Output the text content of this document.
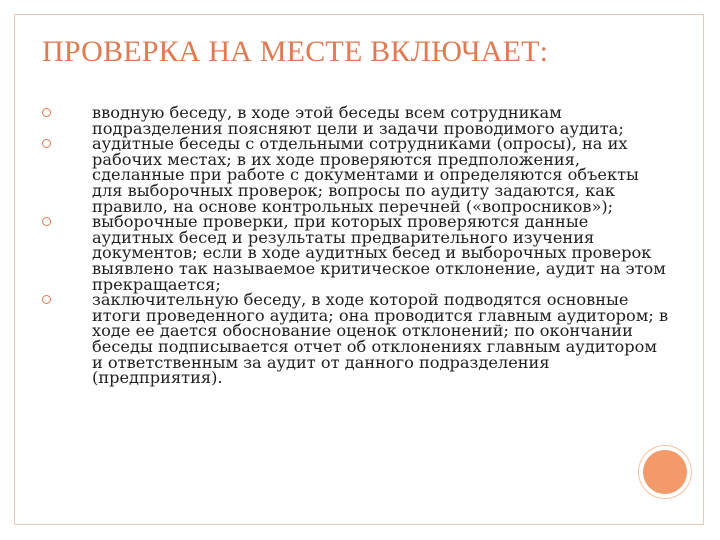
ПРОВЕРКА НА МЕСТЕ ВКЛЮЧАЕТ:
вводную беседу, в ходе этой беседы всем сотрудникам подразделения поясняют цели и задачи проводимого аудита;
аудитные беседы с отдельными сотрудниками (опросы), на их рабочих местах; в их ходе проверяются предположения, сделанные при работе с документами и определяются объекты для выборочных проверок; вопросы по аудиту задаются, как правило, на основе контрольных перечней («вопросников»);
выборочные проверки, при которых проверяются данные аудитных бесед и результаты предварительного изучения документов; если в ходе аудитных бесед и выборочных проверок выявлено так называемое критическое отклонение, аудит на этом прекращается;
заключительную беседу, в ходе которой подводятся основные итоги проведенного аудита; она проводится главным аудитором; в ходе ее дается обоснование оценок отклонений; по окончании беседы подписывается отчет об отклонениях главным аудитором и ответственным за аудит от данного подразделения (предприятия).
